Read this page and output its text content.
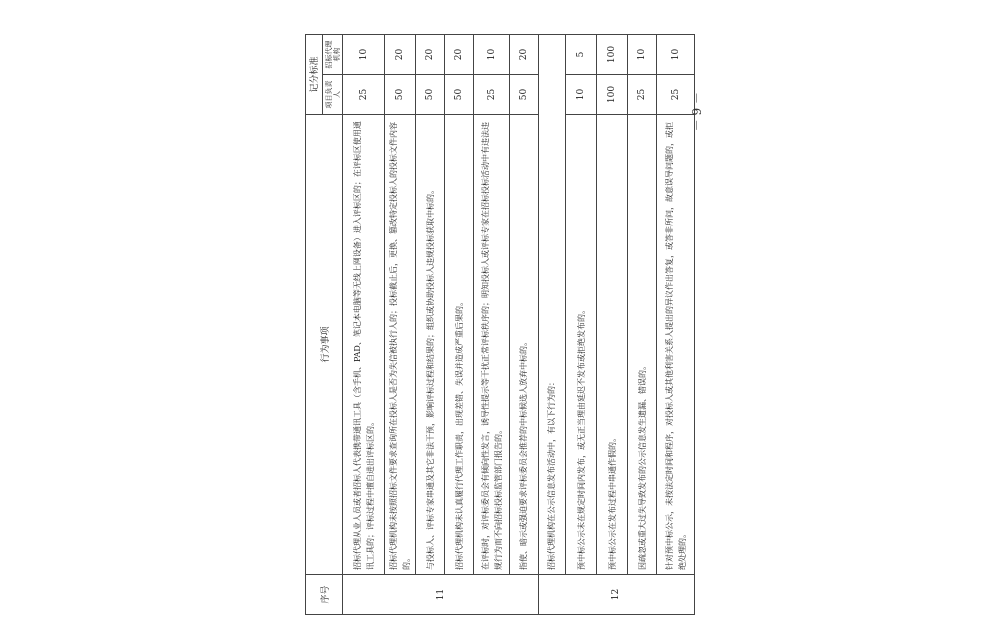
序号	行为事项	记分标准	
		项目负责人	招标代理机构
11	招标代理从业人员或者招标人代表携带通讯工具（含手机、PAD、笔记本电脑等无线上网设备）进入评标区的；在评标区使用通讯工具的；评标过程中擅自进出评标区的。	25	10
	招标代理机构未按照招标文件要求查询所在投标人是否为失信被执行人的；投标截止后，更换、篡改特定投标人的投标文件内容的。	50	20
	与投标人、评标专家串通及其它非法干预，影响评标过程和结果的；组织或协助投标人违规投标获取中标的。	50	20
	招标代理机构未认真履行代理工作职责，出现差错、失误并造成严重后果的。	50	20
	在评标时，对评标委员会有倾向性发言，诱导性提示等干扰正常评标秩序的；明知投标人或评标专家在招标投标活动中有违法违规行为而不向招标投标监管部门报告的。	25	10
	指使、暗示或强迫要求评标委员会推荐的中标候选人放弃中标的。	50	20
12	招标代理机构在公示信息发布活动中，有以下行为的：		
	预中标公示未在规定时间内发布，或无正当理由延迟不发布或拒绝发布的。	10	5
	预中标公示在发布过程中串通作假的。	100	100
	因疏忽或重大过失导致发布的公示信息发生遗漏、错误的。	25	10
	针对预中标公示，未按法定时间和程序，对投标人或其他利害关系人提出的异议作出答复，或答非所问，故意误导问题的，或拒绝处理的。	25	10
－ 9 －
